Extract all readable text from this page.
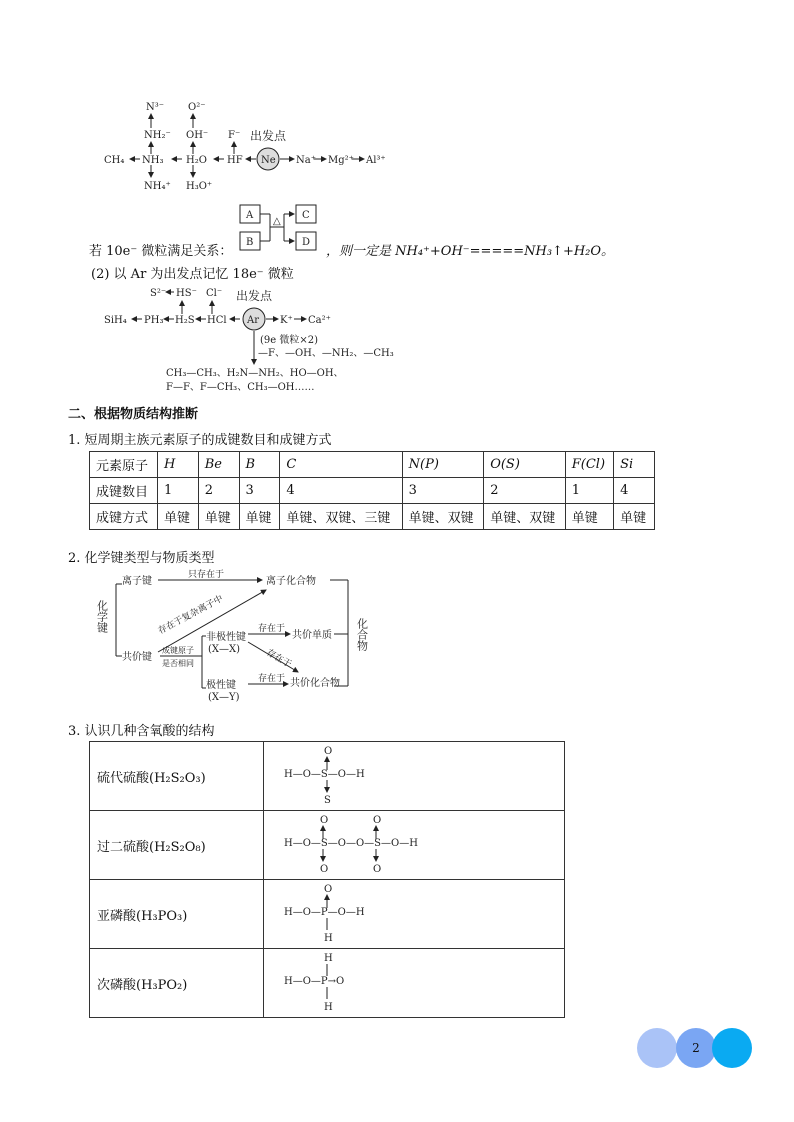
N³⁻ O²⁻
NH₂⁻ OH⁻ F⁻ 出发点
CH₄ NH₃ H₂O HF Ne Na⁺ Mg²⁺ Al³⁺
NH₄⁺ H₃O⁺
A
B
△
C
D
若 10e⁻ 微粒满足关系：	，则一定是 NH₄⁺+OH⁻=====NH₃↑+H₂O。
(2) 以 Ar 为出发点记忆 18e⁻ 微粒
S²⁻ HS⁻ Cl⁻ 出发点
SiH₄ PH₃ H₂S HCl Ar K⁺ Ca²⁺
(9e 微粒×2)
—F、—OH、—NH₂、—CH₃
CH₃—CH₃、H₂N—NH₂、HO—OH、
F—F、F—CH₃、CH₃—OH……
二、根据物质结构推断
1. 短周期主族元素原子的成键数目和成键方式
元素原子	H	Be	B	C	N(P)	O(S)	F(Cl)	Si
成键数目	1	2	3	4	3	2	1	4
成键方式	单键	单键	单键	单键、双键、三键	单键、双键	单键、双键	单键	单键
2. 化学键类型与物质类型
化学键
离子键
共价键
只存在于
离子化合物
存在于复杂离子中
成键原子
是否相同
非极性键
(X—X)
极性键
(X—Y)
存在于
共价单质
存在于
存在于 共价化合物
化合物
3. 认识几种含氧酸的结构
硫代硫酸(H₂S₂O₃)	O
H—O—S—O—H
S

过二硫酸(H₂S₂O₈)	O O
H—O—S—O—O—S—O—H
O O

亚磷酸(H₃PO₃)	O
H—O—P—O—H
H

次磷酸(H₃PO₂)	H
H—O—P→O
H
2
